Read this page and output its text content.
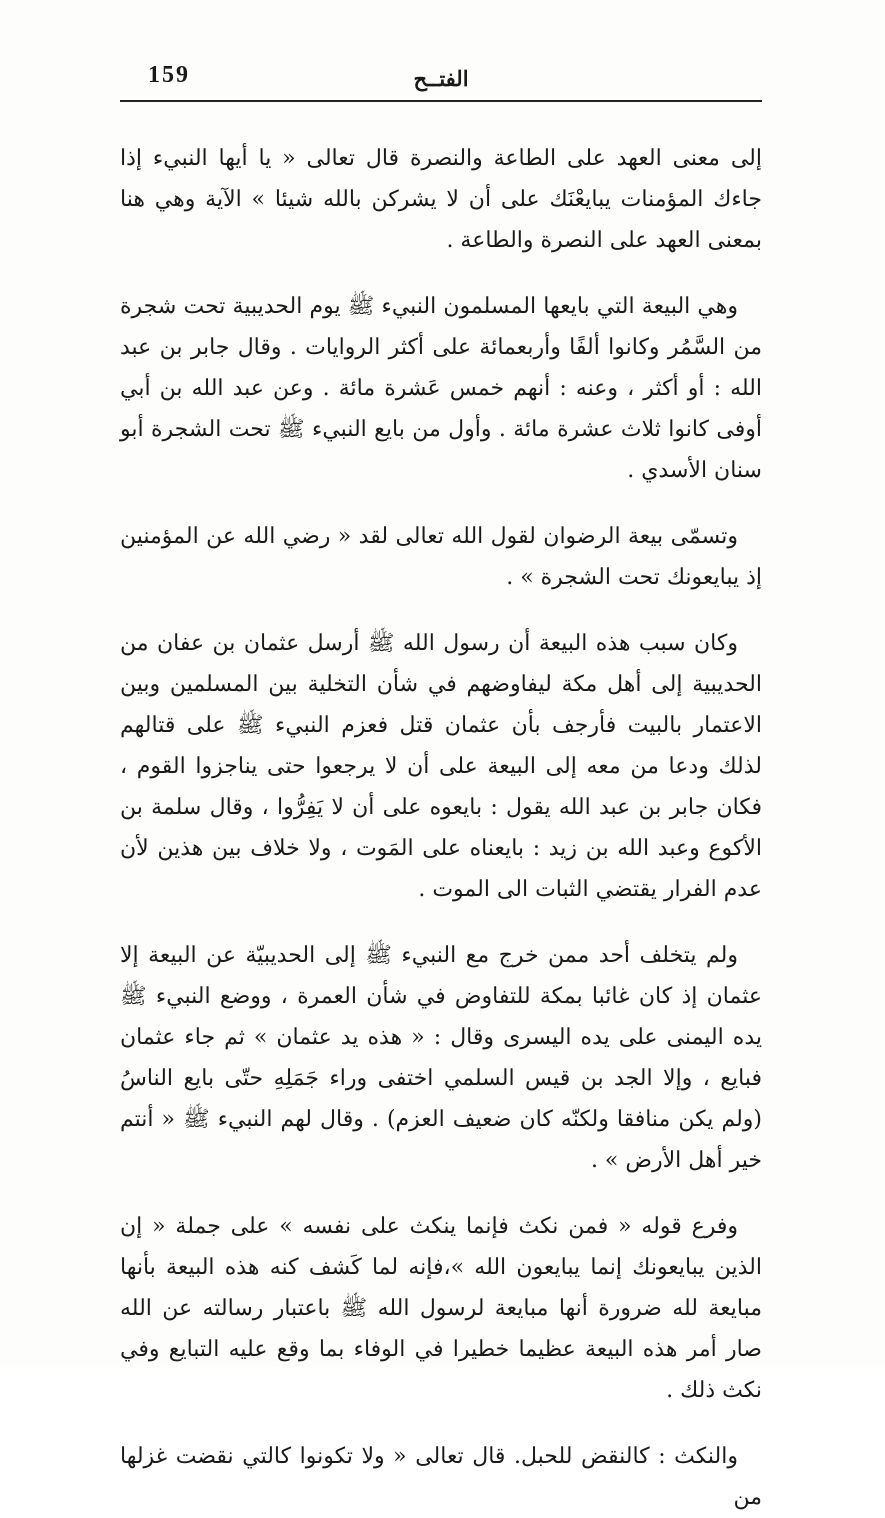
159	الفتــح

إلى معنى العهد على الطاعة والنصرة قال تعالى « يا أيها النبيء إذا جاءك المؤمنات يبايعْنَك على أن لا يشركن بالله شيئا » الآية وهي هنا بمعنى العهد على النصرة والطاعة .

وهي البيعة التي بايعها المسلمون النبيء ﷺ يوم الحديبية تحت شجرة من السَّمُر وكانوا ألفًا وأربعمائة على أكثر الروايات . وقال جابر بن عبد الله : أو أكثر ، وعنه : أنهم خمس عَشرة مائة . وعن عبد الله بن أبي أوفى كانوا ثلاث عشرة مائة . وأول من بايع النبيء ﷺ تحت الشجرة أبو سنان الأسدي .

وتسمّى بيعة الرضوان لقول الله تعالى لقد « رضي الله عن المؤمنين إذ يبايعونك تحت الشجرة » .

وكان سبب هذه البيعة أن رسول الله ﷺ أرسل عثمان بن عفان من الحديبية إلى أهل مكة ليفاوضهم في شأن التخلية بين المسلمين وبين الاعتمار بالبيت فأرجف بأن عثمان قتل فعزم النبيء ﷺ على قتالهم لذلك ودعا من معه إلى البيعة على أن لا يرجعوا حتى يناجزوا القوم ، فكان جابر بن عبد الله يقول : بايعوه على أن لا يَفِرُّوا ، وقال سلمة بن الأكوع وعبد الله بن زيد : بايعناه على المَوت ، ولا خلاف بين هذين لأن عدم الفرار يقتضي الثبات الى الموت .

ولم يتخلف أحد ممن خرج مع النبيء ﷺ إلى الحديبيّة عن البيعة إلا عثمان إذ كان غائبا بمكة للتفاوض في شأن العمرة ، ووضع النبيء ﷺ يده اليمنى على يده اليسرى وقال : « هذه يد عثمان » ثم جاء عثمان فبايع ، وإلا الجد بن قيس السلمي اختفى وراء جَمَلِهِ حتّى بايع الناسُ (ولم يكن منافقا ولكنّه كان ضعيف العزم) . وقال لهم النبيء ﷺ « أنتم خير أهل الأرض » .

وفرع قوله « فمن نكث فإنما ينكث على نفسه » على جملة « إن الذين يبايعونك إنما يبايعون الله »،فإنه لما كَشف كنه هذه البيعة بأنها مبايعة لله ضرورة أنها مبايعة لرسول الله ﷺ باعتبار رسالته عن الله صار أمر هذه البيعة عظيما خطيرا في الوفاء بما وقع عليه التبايع وفي نكث ذلك .

والنكث : كالنقض للحبل. قال تعالى « ولا تكونوا كالتي نقضت غزلها من
